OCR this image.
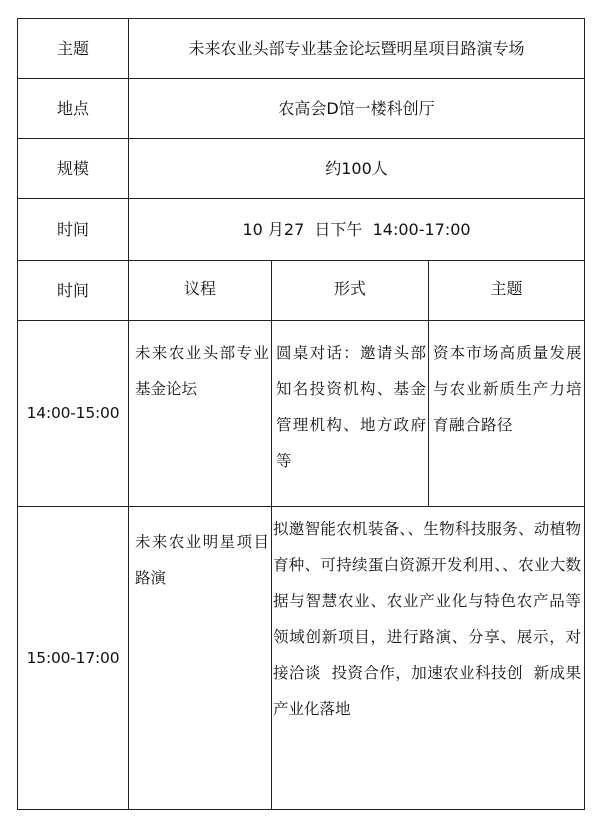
主题	未来农业头部专业基金论坛暨明星项目路演专场		
地点	农高会D馆一楼科创厅		
规模	约100人		
时间	10 月27  日下午  14:00-17:00		
时间	议程	形式	主题
14:00-15:00	未来农业头部专业基金论坛	圆桌对话：邀请头部知名投资机构、基金管理机构、地方政府等	资本市场高质量发展与农业新质生产力培育融合路径
15:00-17:00	未来农业明星项目路演	拟邀智能农机装备、、生物科技服务、动植物育种、可持续蛋白资源开发利用、、农业大数据与智慧农业、农业产业化与特色农产品等领域创新项目，进行路演、分享、展示，对接洽谈  投资合作，加速农业科技创  新成果产业化落地	
